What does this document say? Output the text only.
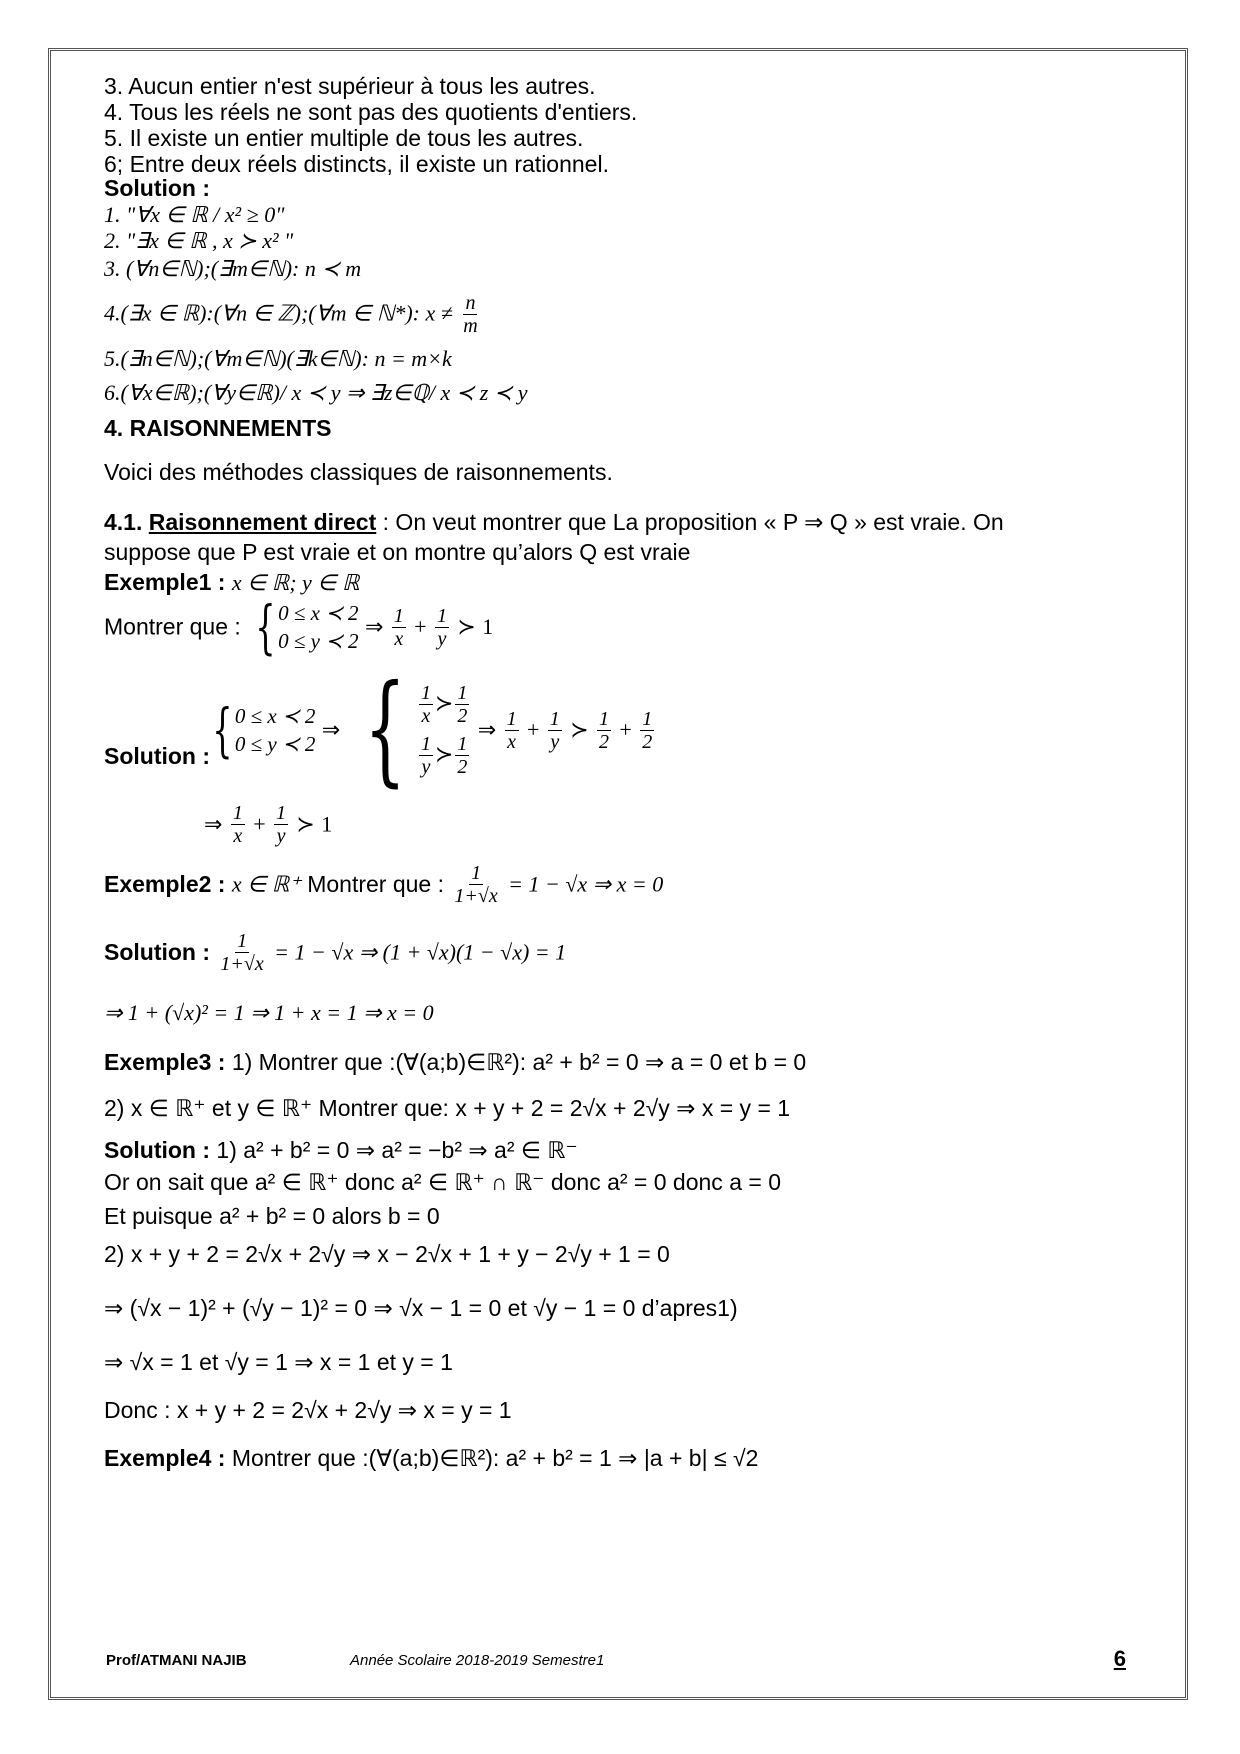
3. Aucun entier n'est supérieur à tous les autres.
4. Tous les réels ne sont pas des quotients d'entiers.
5. Il existe un entier multiple de tous les autres.
6; Entre deux réels distincts, il existe un rationnel.
Solution :
1. "∀x ∈ ℝ / x² ≥ 0"
2. "∃x ∈ ℝ , x ≻ x² "
3. (∀n∈ℕ);(∃m∈ℕ): n ≺ m
4.(∃x ∈ ℝ):(∀n ∈ ℤ);(∀m ∈ ℕ*): $x \ne \frac{n}{m}$
5.(∃n∈ℕ);(∀m∈ℕ)(∃k∈ℕ): n = m×k
6.(∀x∈ℝ);(∀y∈ℝ)/ x ≺ y ⇒ ∃z∈ℚ/ x ≺ z ≺ y
4. RAISONNEMENTS
Voici des méthodes classiques de raisonnements.
4.1. Raisonnement direct : On veut montrer que La proposition « P ⇒ Q » est vraie. On
suppose que P est vraie et on montre qu’alors Q est vraie
Exemple1 : x ∈ ℝ; y ∈ ℝ
Montrer que : { 0 ≤ x ≺ 2
0 ≤ y ≺ 2
⇒ $\frac{1}{x} + \frac{1}{y}$ ≻ 1
Solution : { 0 ≤ x ≺ 2
0 ≤ y ≺ 2
⇒ { $\frac{1}{x}$ ≻ $\frac{1}{2}$
$\frac{1}{y}$ ≻ $\frac{1}{2}$
⇒ $\frac{1}{x} + \frac{1}{y}$ ≻ $\frac{1}{2} + \frac{1}{2}$
⇒ $\frac{1}{x} + \frac{1}{y}$ ≻ 1
Exemple2 : x ∈ ℝ⁺ Montrer que : $\frac{1}{1+√x} = 1 - √x$ ⇒ x = 0
Solution : $\frac{1}{1+√x} = 1 - √x$ ⇒ (1 + √x)(1 − √x) = 1
⇒ 1 + (√x)² = 1 ⇒ 1 + x = 1 ⇒ x = 0
Exemple3 : 1) Montrer que :(∀(a;b)∈ℝ²): a² + b² = 0 ⇒ a = 0 et b = 0
2) x ∈ ℝ⁺ et y ∈ ℝ⁺ Montrer que: x + y + 2 = 2√x + 2√y ⇒ x = y = 1
Solution : 1) a² + b² = 0 ⇒ a² = −b² ⇒ a² ∈ ℝ⁻
Or on sait que a² ∈ ℝ⁺ donc a² ∈ ℝ⁺ ∩ ℝ⁻ donc a² = 0 donc a = 0
Et puisque a² + b² = 0 alors b = 0
2) x + y + 2 = 2√x + 2√y ⇒ x − 2√x + 1 + y − 2√y + 1 = 0
⇒ (√x − 1)² + (√y − 1)² = 0 ⇒ √x − 1 = 0 et √y − 1 = 0 d’apres1)
⇒ √x = 1 et √y = 1 ⇒ x = 1 et y = 1
Donc : x + y + 2 = 2√x + 2√y ⇒ x = y = 1
Exemple4 : Montrer que :(∀(a;b)∈ℝ²): a² + b² = 1 ⇒ |a + b| ≤ √2
Prof/ATMANI NAJIB	Année Scolaire 2018-2019 Semestre1	6
